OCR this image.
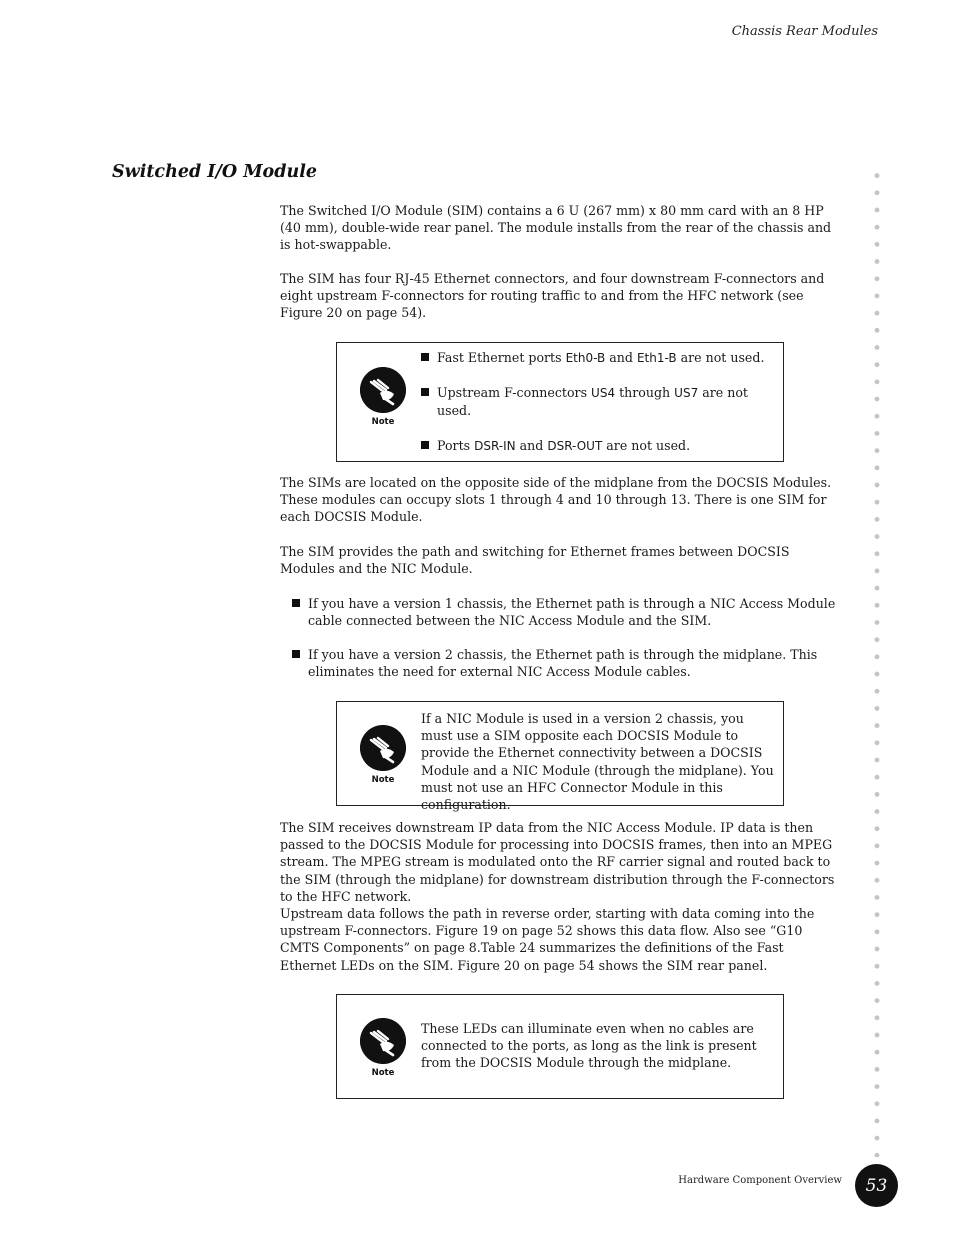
Chassis Rear Modules
Switched I/O Module

The Switched I/O Module (SIM) contains a 6 U (267 mm) x 80 mm card with an 8 HP (40 mm), double-wide rear panel. The module installs from the rear of the chassis and is hot-swappable.

The SIM has four RJ-45 Ethernet connectors, and four downstream F-connectors and eight upstream F-connectors for routing traffic to and from the HFC network (see Figure 20 on page 54).

Note
Fast Ethernet ports Eth0-B and Eth1-B are not used.
Upstream F-connectors US4 through US7 are not used.
Ports DSR-IN and DSR-OUT are not used.

The SIMs are located on the opposite side of the midplane from the DOCSIS Modules. These modules can occupy slots 1 through 4 and 10 through 13. There is one SIM for each DOCSIS Module.

The SIM provides the path and switching for Ethernet frames between DOCSIS Modules and the NIC Module.

If you have a version 1 chassis, the Ethernet path is through a NIC Access Module cable connected between the NIC Access Module and the SIM.
If you have a version 2 chassis, the Ethernet path is through the midplane. This eliminates the need for external NIC Access Module cables.
Note
If a NIC Module is used in a version 2 chassis, you must use a SIM opposite each DOCSIS Module to provide the Ethernet connectivity between a DOCSIS Module and a NIC Module (through the midplane). You must not use an HFC Connector Module in this configuration.

The SIM receives downstream IP data from the NIC Access Module. IP data is then passed to the DOCSIS Module for processing into DOCSIS frames, then into an MPEG stream. The MPEG stream is modulated onto the RF carrier signal and routed back to the SIM (through the midplane) for downstream distribution through the F-connectors to the HFC network.

Upstream data follows the path in reverse order, starting with data coming into the upstream F-connectors. Figure 19 on page 52 shows this data flow. Also see “G10 CMTS Components” on page 8.Table 24 summarizes the definitions of the Fast Ethernet LEDs on the SIM. Figure 20 on page 54 shows the SIM rear panel.

Note
These LEDs can illuminate even when no cables are connected to the ports, as long as the link is present from the DOCSIS Module through the midplane.
Hardware Component Overview	53
